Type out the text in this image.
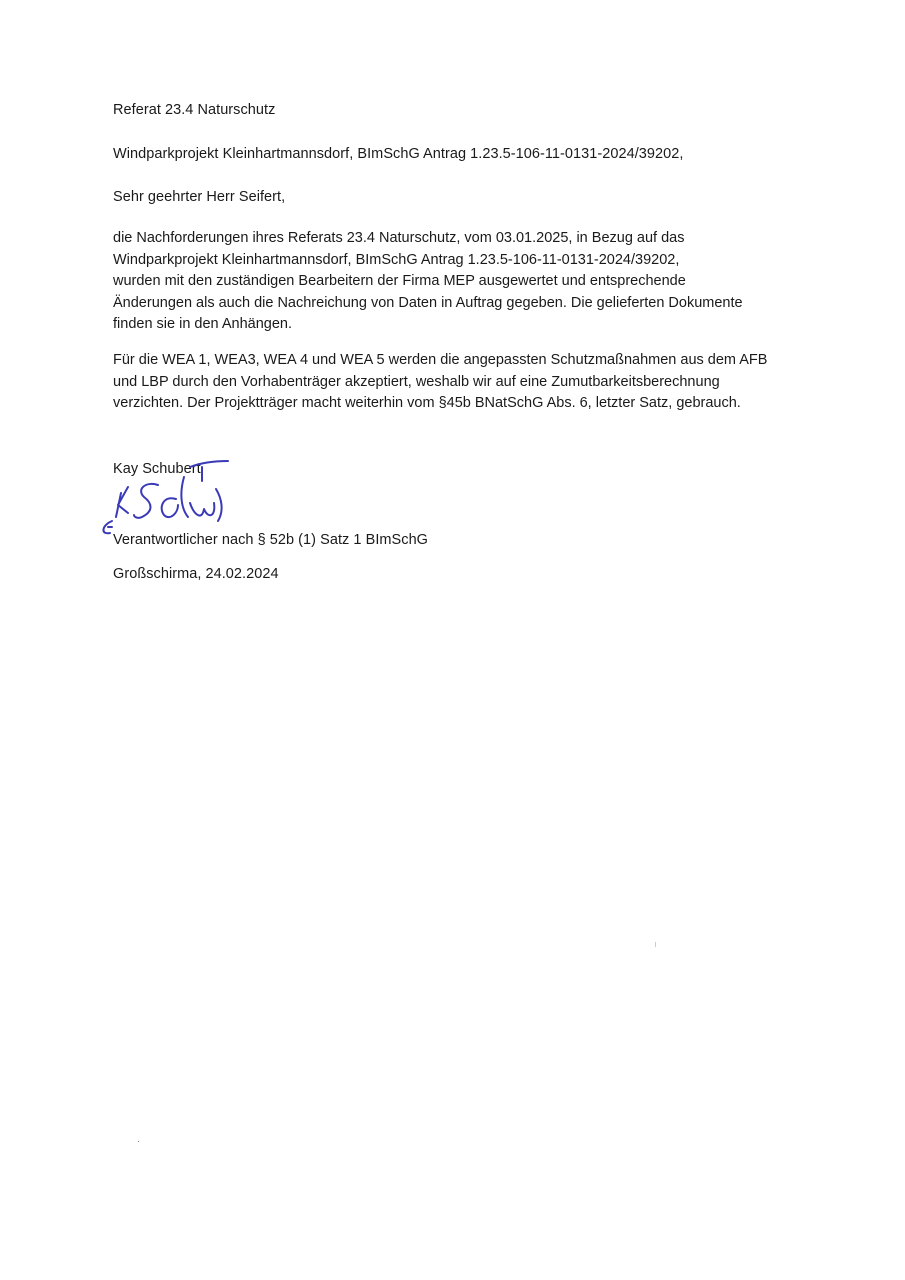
Referat 23.4 Naturschutz
Windparkprojekt Kleinhartmannsdorf, BImSchG Antrag 1.23.5-106-11-0131-2024/39202,
Sehr geehrter Herr Seifert,
die Nachforderungen ihres Referats 23.4 Naturschutz, vom 03.01.2025, in Bezug auf das
Windparkprojekt Kleinhartmannsdorf, BImSchG Antrag 1.23.5-106-11-0131-2024/39202,
wurden mit den zuständigen Bearbeitern der Firma MEP ausgewertet und entsprechende
Änderungen als auch die Nachreichung von Daten in Auftrag gegeben. Die gelieferten Dokumente
finden sie in den Anhängen.
Für die WEA 1, WEA3, WEA 4 und WEA 5 werden die angepassten Schutzmaßnahmen aus dem AFB
und LBP durch den Vorhabenträger akzeptiert, weshalb wir auf eine Zumutbarkeitsberechnung
verzichten. Der Projektträger macht weiterhin vom §45b BNatSchG Abs. 6, letzter Satz, gebrauch.
Kay Schubert
Verantwortlicher nach § 52b (1) Satz 1 BImSchG
Großschirma, 24.02.2024
